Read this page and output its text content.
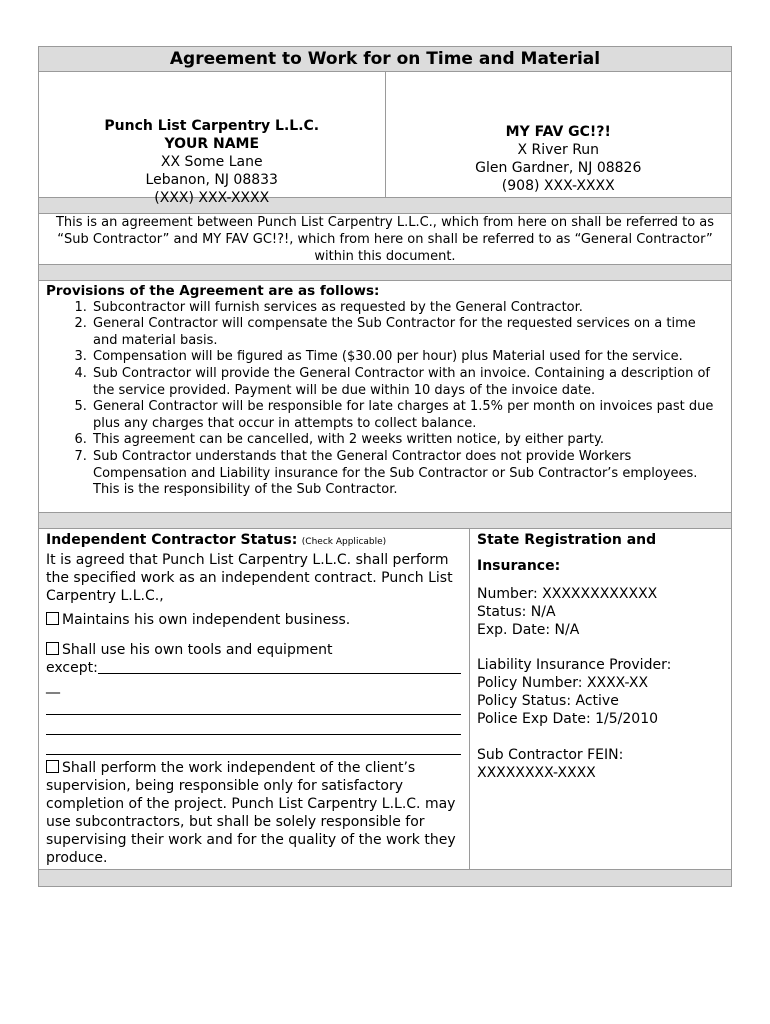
Agreement to Work for on Time and Material
Punch List Carpentry L.L.C.
YOUR NAME
XX Some Lane
Lebanon, NJ 08833
(XXX) XXX-XXXX
MY FAV GC!?!
X River Run
Glen Gardner, NJ 08826
(908) XXX-XXXX
This is an agreement between Punch List Carpentry L.L.C., which from here on shall be referred to as “Sub Contractor” and MY FAV GC!?!, which from here on shall be referred to as “General Contractor” within this document.
Provisions of the Agreement are as follows:
1. Subcontractor will furnish services as requested by the General Contractor.
2. General Contractor will compensate the Sub Contractor for the requested services on a time and material basis.
3. Compensation will be figured as Time ($30.00 per hour) plus Material used for the service.
4. Sub Contractor will provide the General Contractor with an invoice. Containing a description of the service provided. Payment will be due within 10 days of the invoice date.
5. General Contractor will be responsible for late charges at 1.5% per month on invoices past due plus any charges that occur in attempts to collect balance.
6. This agreement can be cancelled, with 2 weeks written notice, by either party.
7. Sub Contractor understands that the General Contractor does not provide Workers Compensation and Liability insurance for the Sub Contractor or Sub Contractor’s employees. This is the responsibility of the Sub Contractor.
Independent Contractor Status: (Check Applicable)
It is agreed that Punch List Carpentry L.L.C. shall perform the specified work as an independent contract. Punch List Carpentry L.L.C.,
Maintains his own independent business.
Shall use his own tools and equipment
except:
__
Shall perform the work independent of the client’s supervision, being responsible only for satisfactory completion of the project. Punch List Carpentry L.L.C. may use subcontractors, but shall be solely responsible for supervising their work and for the quality of the work they produce.
State Registration and
Insurance:
Number: XXXXXXXXXXXX
Status: N/A
Exp. Date: N/A
Liability Insurance Provider:
Policy Number: XXXX-XX
Policy Status: Active
Police Exp Date: 1/5/2010
Sub Contractor FEIN:
XXXXXXXX-XXXX
